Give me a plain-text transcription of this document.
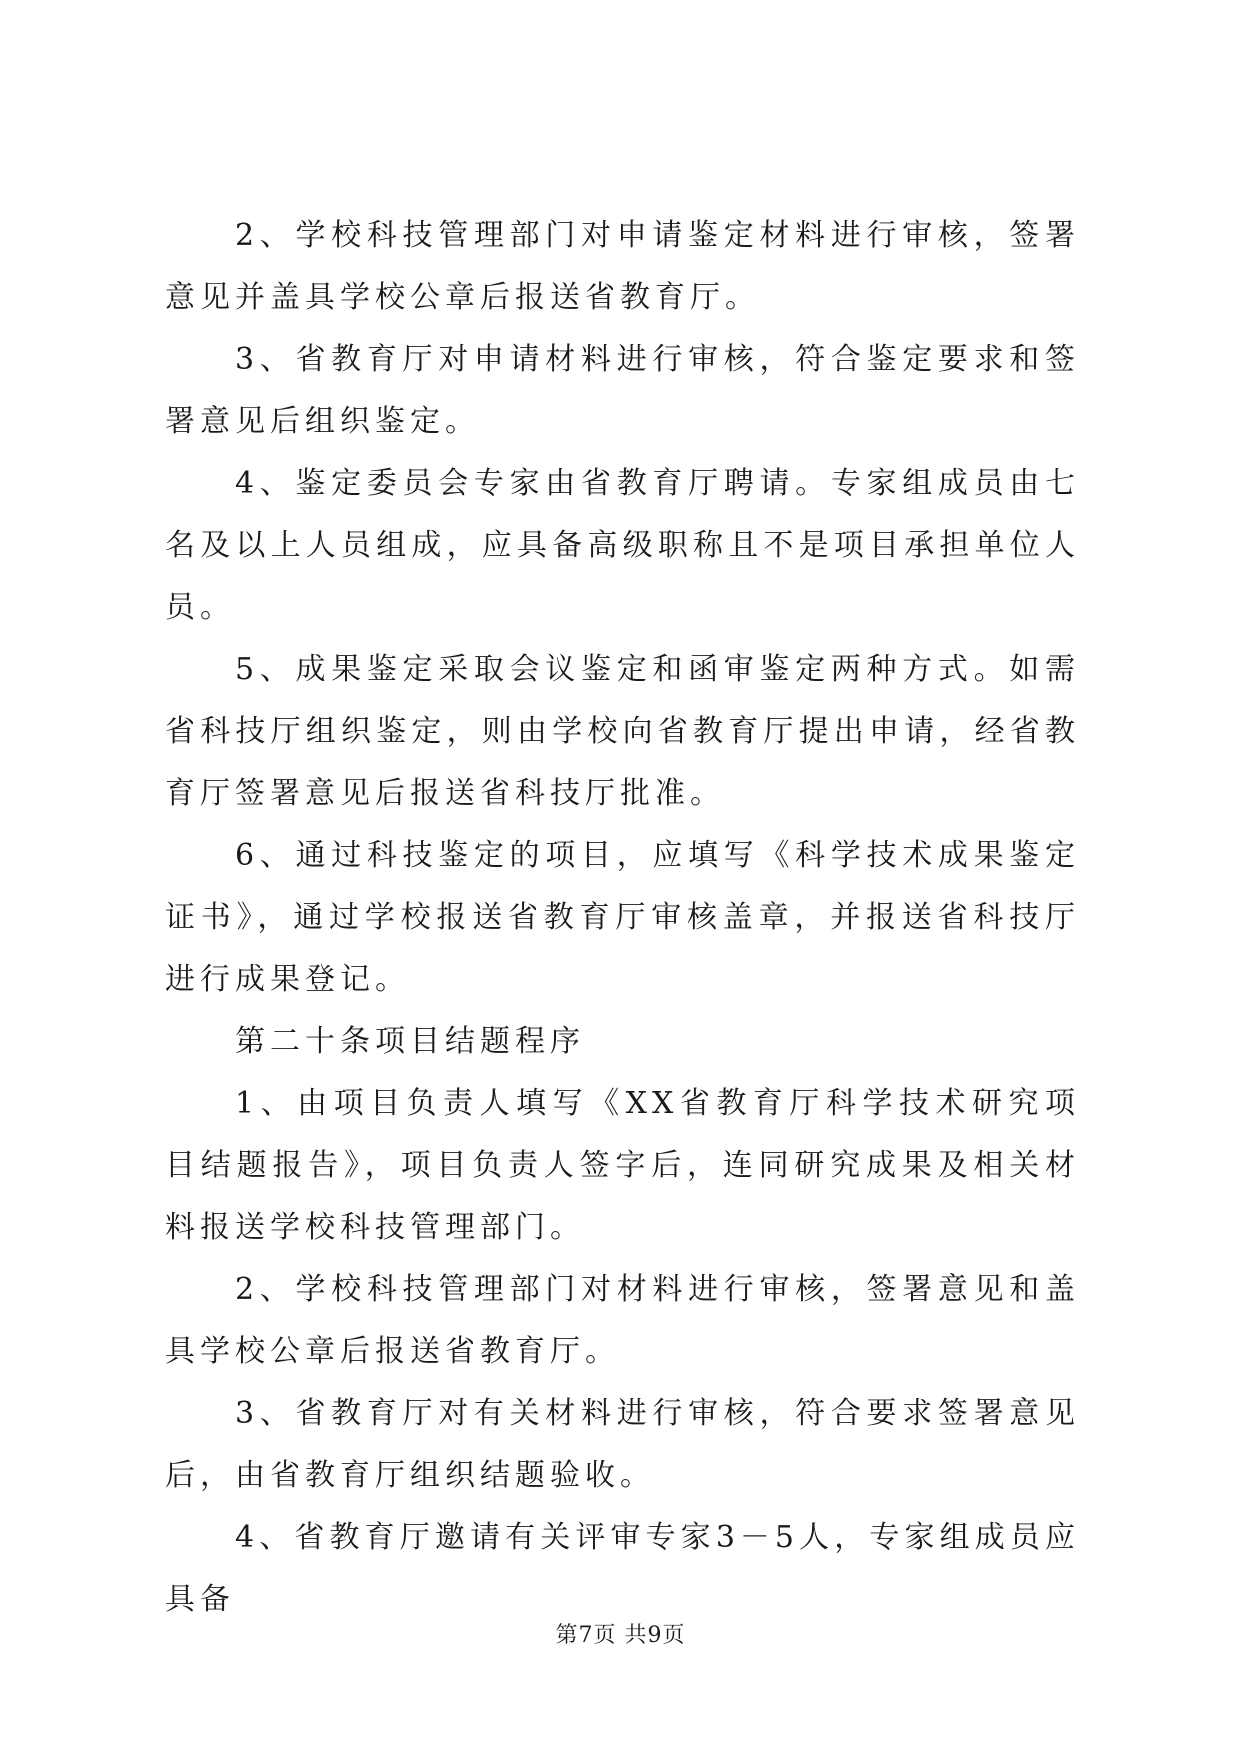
2、学校科技管理部门对申请鉴定材料进行审核，签署意见并盖具学校公章后报送省教育厅。

3、省教育厅对申请材料进行审核，符合鉴定要求和签署意见后组织鉴定。

4、鉴定委员会专家由省教育厅聘请。专家组成员由七名及以上人员组成，应具备高级职称且不是项目承担单位人员。

5、成果鉴定采取会议鉴定和函审鉴定两种方式。如需省科技厅组织鉴定，则由学校向省教育厅提出申请，经省教育厅签署意见后报送省科技厅批准。

6、通过科技鉴定的项目，应填写《科学技术成果鉴定证书》，通过学校报送省教育厅审核盖章，并报送省科技厅进行成果登记。

第二十条项目结题程序

1、由项目负责人填写《XX省教育厅科学技术研究项目结题报告》，项目负责人签字后，连同研究成果及相关材料报送学校科技管理部门。

2、学校科技管理部门对材料进行审核，签署意见和盖具学校公章后报送省教育厅。

3、省教育厅对有关材料进行审核，符合要求签署意见后，由省教育厅组织结题验收。

4、省教育厅邀请有关评审专家3－5人，专家组成员应具备

第7页 共9页
